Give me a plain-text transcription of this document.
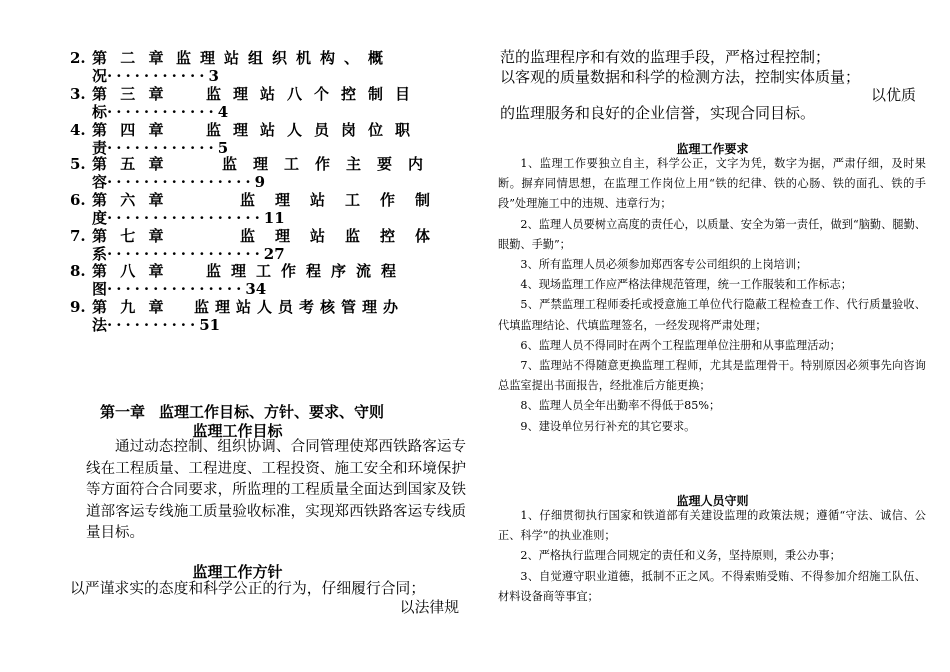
2. 第 二 章 监理站组织机构、概
况···········3
3. 第 三 章	监理站八个控制目
标············4
4. 第 四 章	监理站人员岗位职
责············5
5. 第 五 章	监理工作主要内
容················9
6. 第 六 章	监理站工作制
度·················11
7. 第 七 章	监理站监控体
系·················27
8. 第 八 章	监理工作程序流程
图···············34
9. 第 九 章	监理站人员考核管理办
法··········51
第一章 监理工作目标、方针、要求、守则
监理工作目标
通过动态控制、组织协调、合同管理使郑西铁路客运专线在工程质量、工程进度、工程投资、施工安全和环境保护等方面符合合同要求，所监理的工程质量全面达到国家及铁道部客运专线施工质量验收标准，实现郑西铁路客运专线质量目标。
监理工作方针
以严谨求实的态度和科学公正的行为，仔细履行合同；
以法律规
范的监理程序和有效的监理手段，严格过程控制；
以客观的质量数据和科学的检测方法，控制实体质量；
以优质
的监理服务和良好的企业信誉，实现合同目标。
监理工作要求

1、监理工作要独立自主，科学公正，文字为凭，数字为据，严肃仔细，及时果断。摒弃同情思想，在监理工作岗位上用“铁的纪律、铁的心肠、铁的面孔、铁的手段”处理施工中的违规、违章行为；

2、监理人员要树立高度的责任心，以质量、安全为第一责任，做到“脑勤、腿勤、眼勤、手勤”；

3、所有监理人员必须参加郑西客专公司组织的上岗培训；

4、现场监理工作应严格法律规范管理，统一工作服装和工作标志；

5、严禁监理工程师委托或授意施工单位代行隐蔽工程检查工作、代行质量验收、代填监理结论、代填监理签名，一经发现将严肃处理；

6、监理人员不得同时在两个工程监理单位注册和从事监理活动；

7、监理站不得随意更换监理工程师，尤其是监理骨干。特别原因必须事先向咨询总监室提出书面报告，经批准后方能更换；

8、监理人员全年出勤率不得低于85%；

9、建设单位另行补充的其它要求。

监理人员守则

1、仔细贯彻执行国家和铁道部有关建设监理的政策法规；遵循“守法、诚信、公正、科学”的执业准则；

2、严格执行监理合同规定的责任和义务，坚持原则，秉公办事；

3、自觉遵守职业道德，抵制不正之风。不得索贿受贿、不得参加介绍施工队伍、材料设备商等事宜；
